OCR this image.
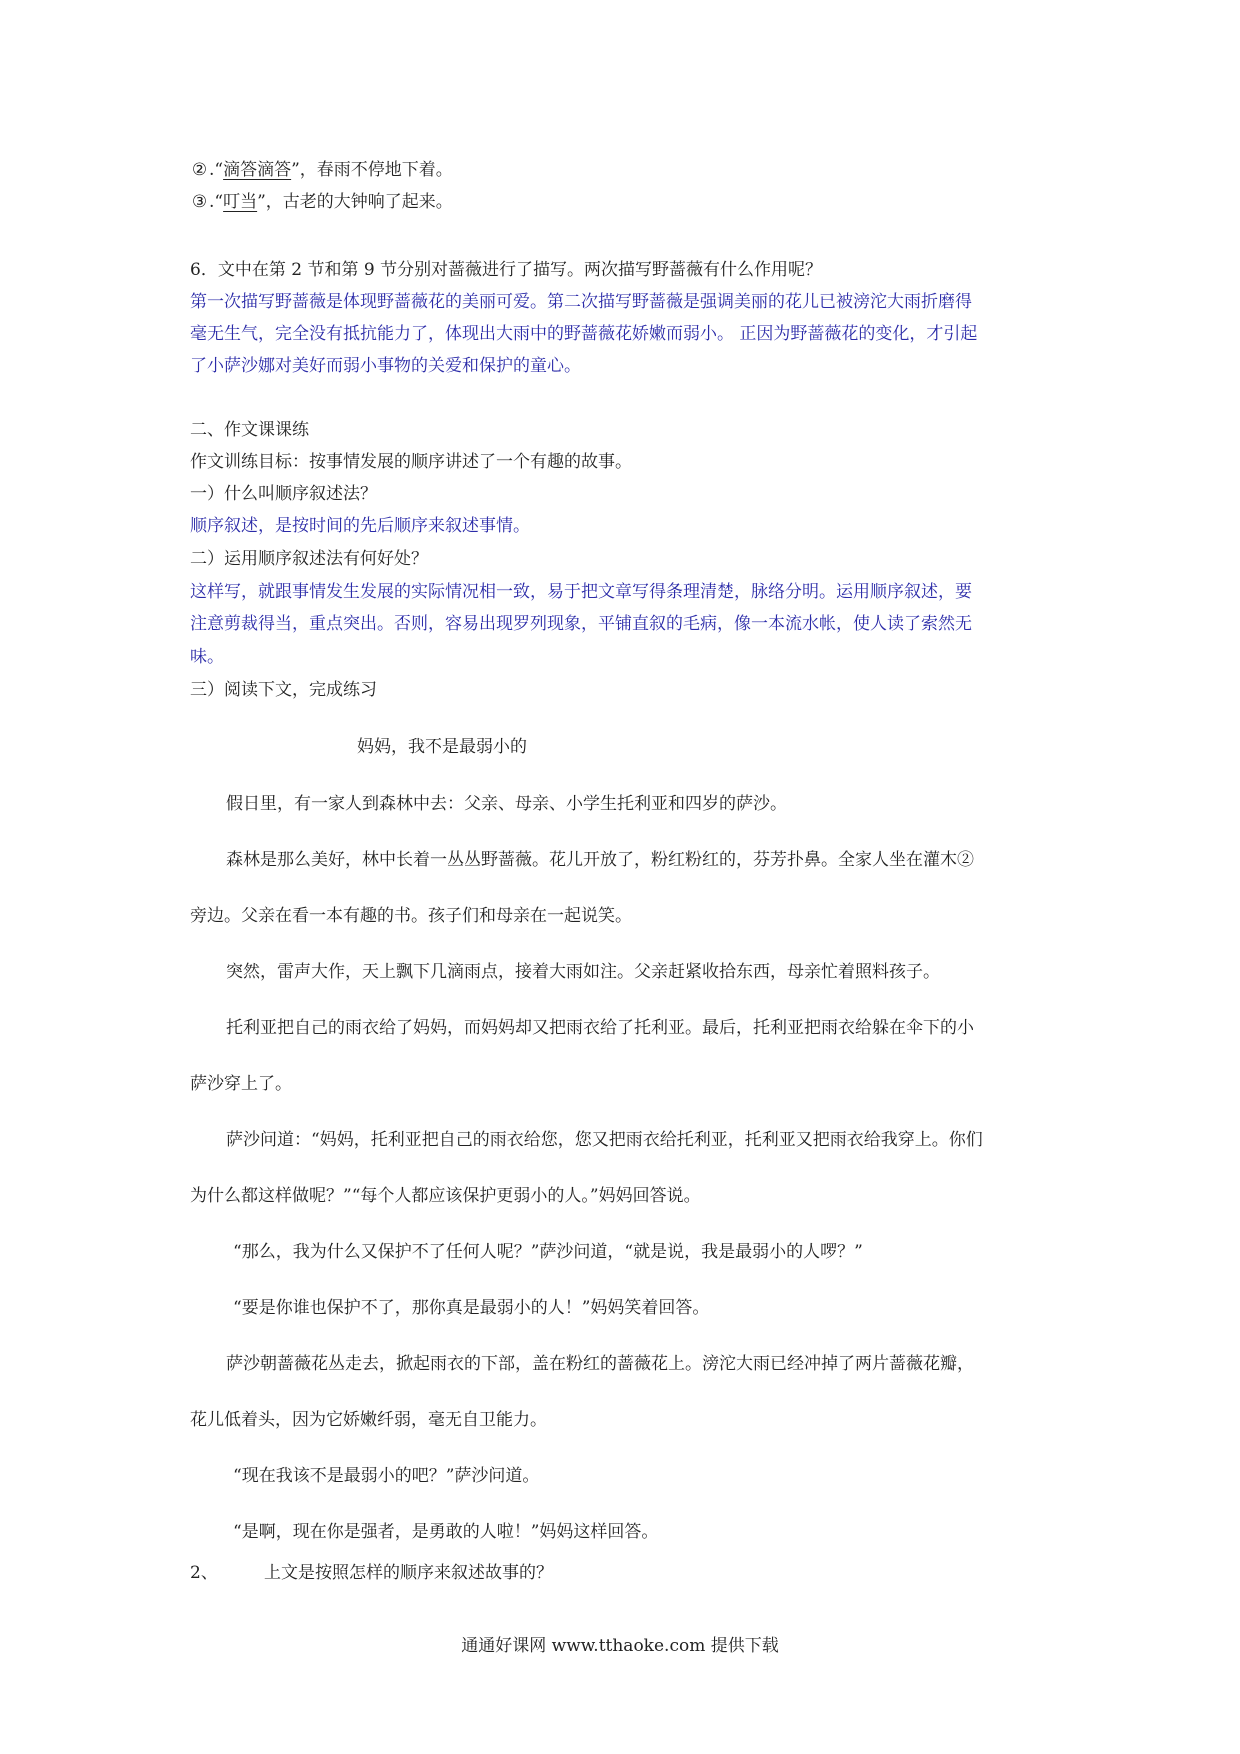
② .“滴答滴答”，春雨不停地下着。
③ .“叮当”，古老的大钟响了起来。
6．文中在第 2 节和第 9 节分别对蔷薇进行了描写。两次描写野蔷薇有什么作用呢？
第一次描写野蔷薇是体现野蔷薇花的美丽可爱。第二次描写野蔷薇是强调美丽的花儿已被滂沱大雨折磨得
毫无生气，完全没有抵抗能力了，体现出大雨中的野蔷薇花娇嫩而弱小。 正因为野蔷薇花的变化，才引起
了小萨沙娜对美好而弱小事物的关爱和保护的童心。
二、作文课课练
作文训练目标：按事情发展的顺序讲述了一个有趣的故事。
一）什么叫顺序叙述法？
顺序叙述，是按时间的先后顺序来叙述事情。
二）运用顺序叙述法有何好处？
这样写，就跟事情发生发展的实际情况相一致，易于把文章写得条理清楚，脉络分明。运用顺序叙述，要
注意剪裁得当，重点突出。否则，容易出现罗列现象，平铺直叙的毛病，像一本流水帐，使人读了索然无
味。
三）阅读下文，完成练习
妈妈，我不是最弱小的
假日里，有一家人到森林中去：父亲、母亲、小学生托利亚和四岁的萨沙。
森林是那么美好，林中长着一丛丛野蔷薇。花儿开放了，粉红粉红的，芬芳扑鼻。全家人坐在灌木②
旁边。父亲在看一本有趣的书。孩子们和母亲在一起说笑。
突然，雷声大作，天上飘下几滴雨点，接着大雨如注。父亲赶紧收拾东西，母亲忙着照料孩子。
托利亚把自己的雨衣给了妈妈，而妈妈却又把雨衣给了托利亚。最后，托利亚把雨衣给躲在伞下的小
萨沙穿上了。
萨沙问道：“妈妈，托利亚把自己的雨衣给您，您又把雨衣给托利亚，托利亚又把雨衣给我穿上。你们
为什么都这样做呢？”“每个人都应该保护更弱小的人。”妈妈回答说。
“那么，我为什么又保护不了任何人呢？”萨沙问道，“就是说，我是最弱小的人啰？”
“要是你谁也保护不了，那你真是最弱小的人！”妈妈笑着回答。
萨沙朝蔷薇花丛走去，掀起雨衣的下部，盖在粉红的蔷薇花上。滂沱大雨已经冲掉了两片蔷薇花瓣，
花儿低着头，因为它娇嫩纤弱，毫无自卫能力。
“现在我该不是最弱小的吧？”萨沙问道。
“是啊，现在你是强者，是勇敢的人啦！”妈妈这样回答。
2、	上文是按照怎样的顺序来叙述故事的？
通通好课网 www.tthaoke.com 提供下载
